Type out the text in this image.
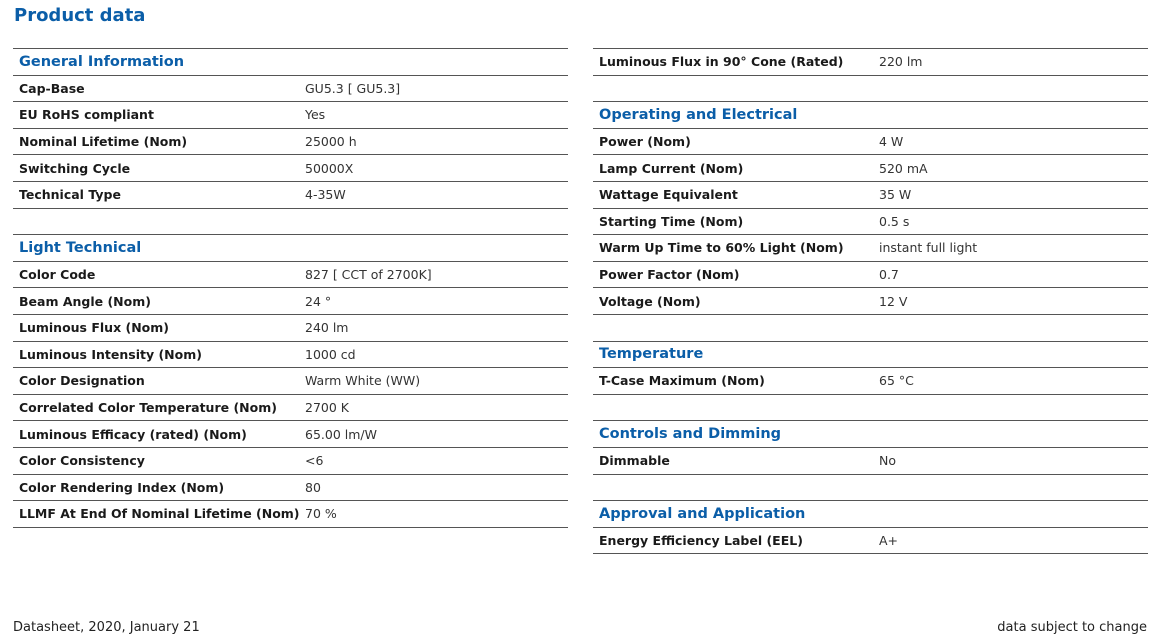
Product data
General Information
Cap-Base	GU5.3 [ GU5.3]
EU RoHS compliant	Yes
Nominal Lifetime (Nom)	25000 h
Switching Cycle	50000X
Technical Type	4-35W
Light Technical
Color Code	827 [ CCT of 2700K]
Beam Angle (Nom)	24 °
Luminous Flux (Nom)	240 lm
Luminous Intensity (Nom)	1000 cd
Color Designation	Warm White (WW)
Correlated Color Temperature (Nom)	2700 K
Luminous Efficacy (rated) (Nom)	65.00 lm/W
Color Consistency	<6
Color Rendering Index (Nom)	80
LLMF At End Of Nominal Lifetime (Nom) 70 %
Luminous Flux in 90° Cone (Rated)	220 lm
Operating and Electrical
Power (Nom)	4 W
Lamp Current (Nom)	520 mA
Wattage Equivalent	35 W
Starting Time (Nom)	0.5 s
Warm Up Time to 60% Light (Nom)	instant full light
Power Factor (Nom)	0.7
Voltage (Nom)	12 V
Temperature
T-Case Maximum (Nom)	65 °C
Controls and Dimming
Dimmable	No
Approval and Application
Energy Efficiency Label (EEL)	A+
Datasheet, 2020, January 21	data subject to change
